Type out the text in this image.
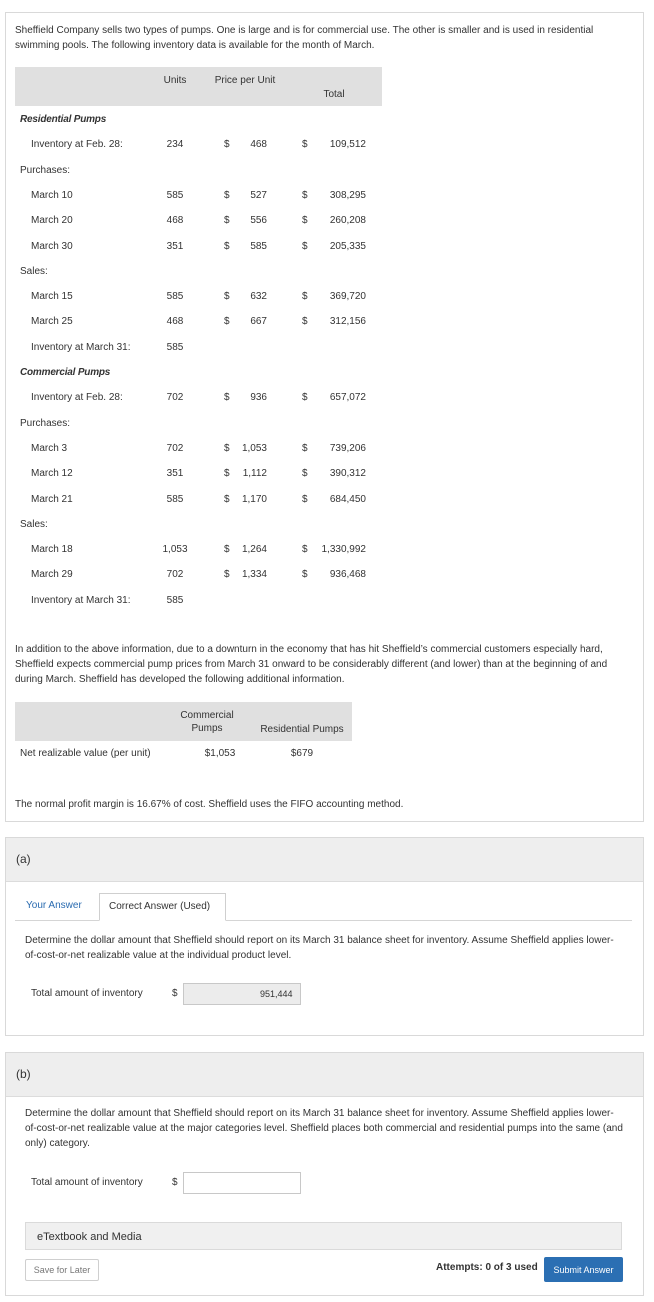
Sheffield Company sells two types of pumps. One is large and is for commercial use. The other is smaller and is used in residential swimming pools. The following inventory data is available for the month of March.
Units	Price per Unit
Total
Residential Pumps
Inventory at Feb. 28:	234	$	468	$	109,512
Purchases:
March 10	585	$	527	$	308,295
March 20	468	$	556	$	260,208
March 30	351	$	585	$	205,335
Sales:
March 15	585	$	632	$	369,720
March 25	468	$	667	$	312,156
Inventory at March 31:	585
Commercial Pumps
Inventory at Feb. 28:	702	$	936	$	657,072
Purchases:
March 3	702	$	1,053	$	739,206
March 12	351	$	1,112	$	390,312
March 21	585	$	1,170	$	684,450
Sales:
March 18	1,053	$	1,264	$	1,330,992
March 29	702	$	1,334	$	936,468
Inventory at March 31:	585
In addition to the above information, due to a downturn in the economy that has hit Sheffield’s commercial customers especially hard, Sheffield expects commercial pump prices from March 31 onward to be considerably different (and lower) than at the beginning of and during March. Sheffield has developed the following additional information.
Commercial Pumps	Residential Pumps
Net realizable value (per unit)	$1,053	$679
The normal profit margin is 16.67% of cost. Sheffield uses the FIFO accounting method.
(a)
Your Answer	Correct Answer (Used)
Determine the dollar amount that Sheffield should report on its March 31 balance sheet for inventory. Assume Sheffield applies lower-of-cost-or-net realizable value at the individual product level.
Total amount of inventory	$	951,444
(b)
Determine the dollar amount that Sheffield should report on its March 31 balance sheet for inventory. Assume Sheffield applies lower-of-cost-or-net realizable value at the major categories level. Sheffield places both commercial and residential pumps into the same (and only) category.
Total amount of inventory	$
eTextbook and Media
Save for Later	Attempts: 0 of 3 used	Submit Answer
